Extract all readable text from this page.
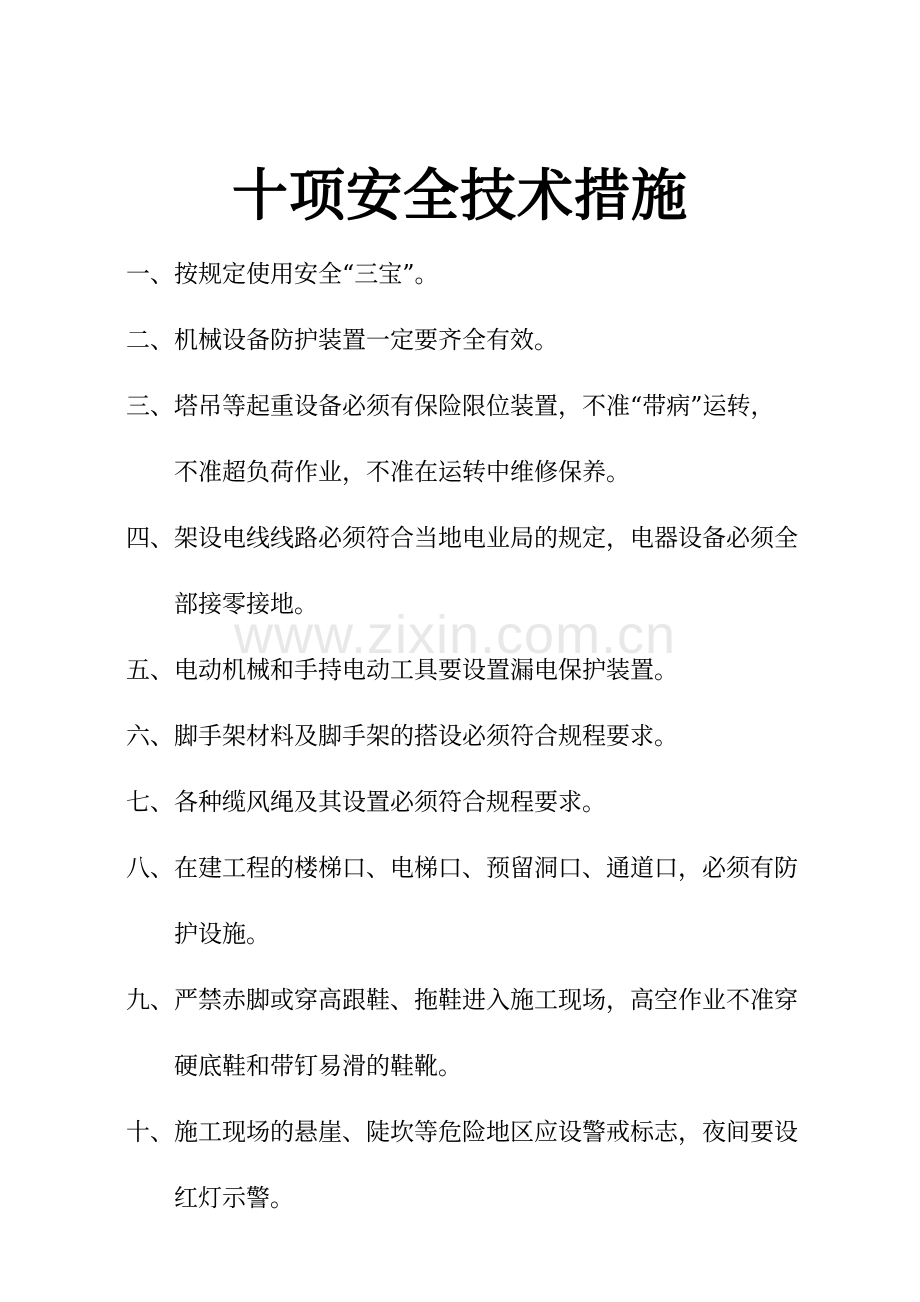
十项安全技术措施
一、按规定使用安全“三宝”。
二、机械设备防护装置一定要齐全有效。
三、塔吊等起重设备必须有保险限位装置，不准“带病”运转，
不准超负荷作业，不准在运转中维修保养。
四、架设电线线路必须符合当地电业局的规定，电器设备必须全
部接零接地。
五、电动机械和手持电动工具要设置漏电保护装置。
六、脚手架材料及脚手架的搭设必须符合规程要求。
七、各种缆风绳及其设置必须符合规程要求。
八、在建工程的楼梯口、电梯口、预留洞口、通道口，必须有防
护设施。
九、严禁赤脚或穿高跟鞋、拖鞋进入施工现场，高空作业不准穿
硬底鞋和带钉易滑的鞋靴。
十、施工现场的悬崖、陡坎等危险地区应设警戒标志，夜间要设
红灯示警。
www.zixin.com.cn
